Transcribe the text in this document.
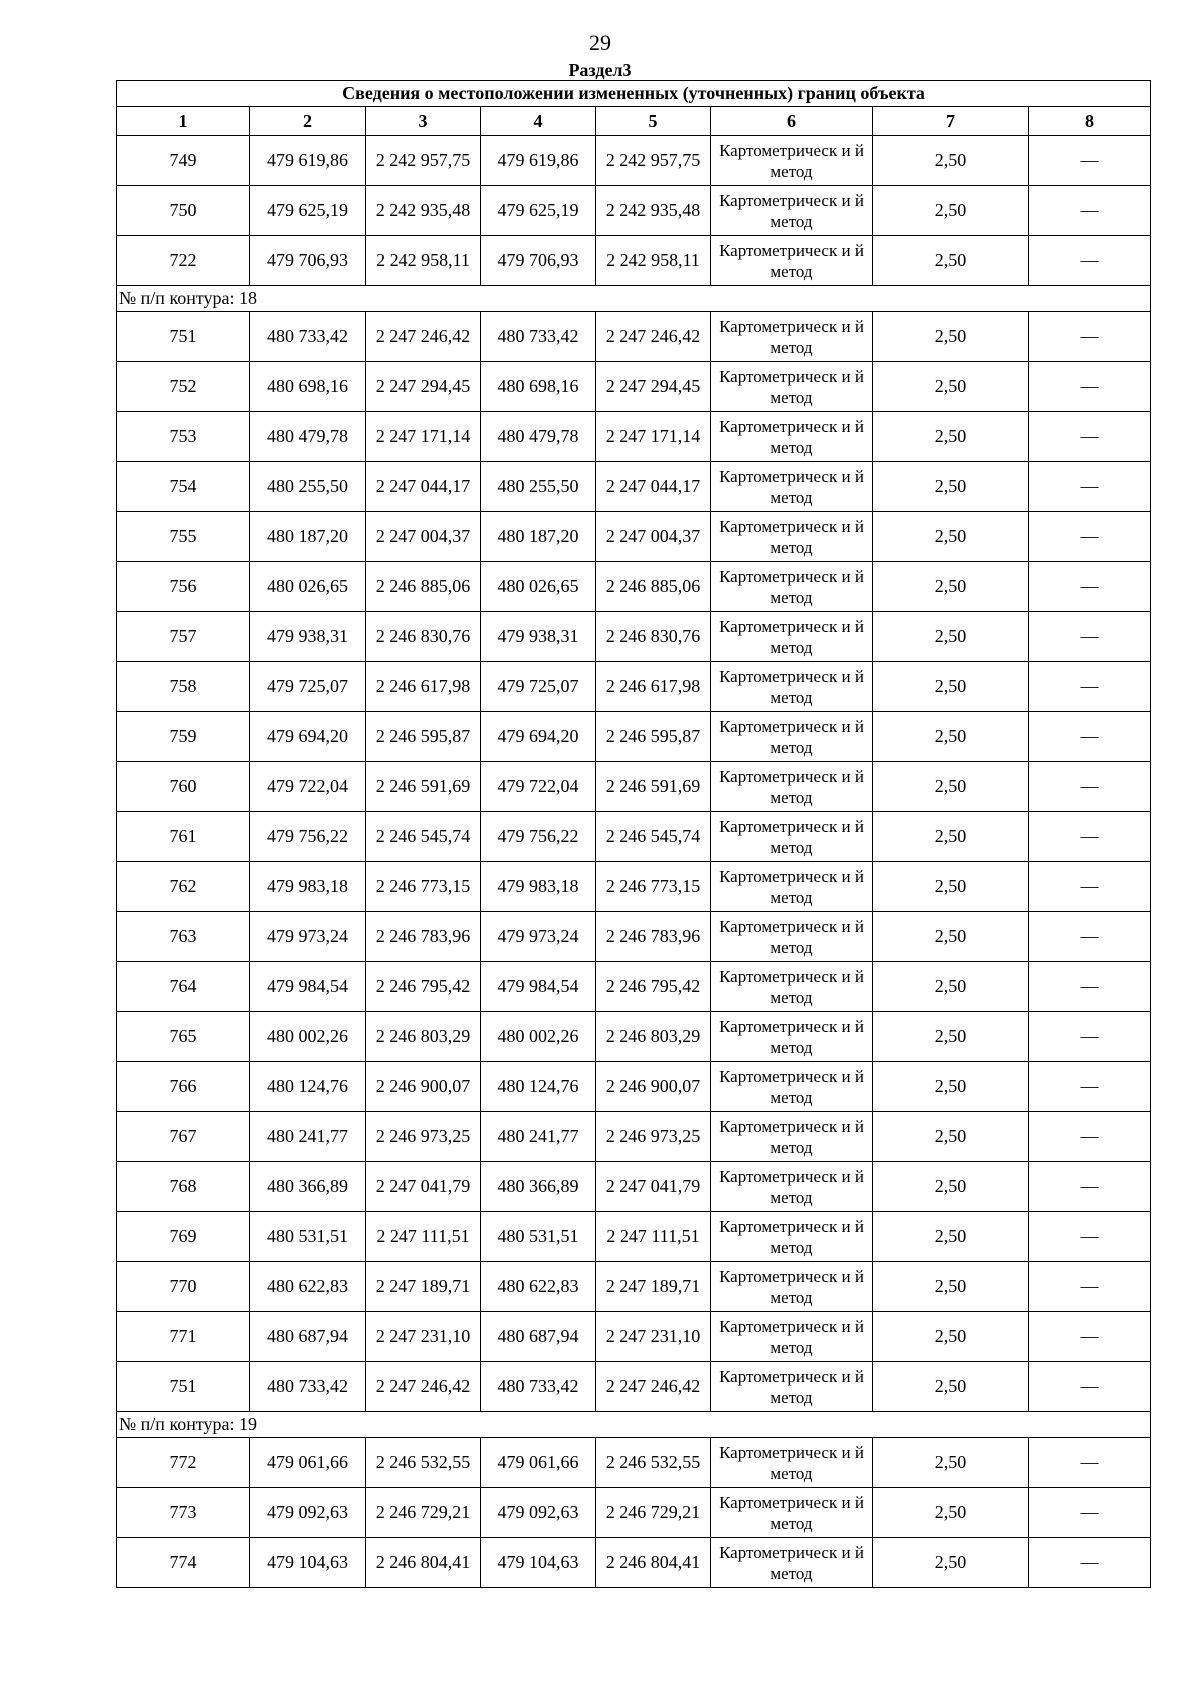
29
Раздел3
Сведения о местоположении измененных (уточненных) границ объекта							
1	2	3	4	5	6	7	8
749	479 619,86	2 242 957,75	479 619,86	2 242 957,75	Картометрическ и й метод	2,50	—
750	479 625,19	2 242 935,48	479 625,19	2 242 935,48	Картометрическ и й метод	2,50	—
722	479 706,93	2 242 958,11	479 706,93	2 242 958,11	Картометрическ и й метод	2,50	—
№ п/п контура: 18							
751	480 733,42	2 247 246,42	480 733,42	2 247 246,42	Картометрическ и й метод	2,50	—
752	480 698,16	2 247 294,45	480 698,16	2 247 294,45	Картометрическ и й метод	2,50	—
753	480 479,78	2 247 171,14	480 479,78	2 247 171,14	Картометрическ и й метод	2,50	—
754	480 255,50	2 247 044,17	480 255,50	2 247 044,17	Картометрическ и й метод	2,50	—
755	480 187,20	2 247 004,37	480 187,20	2 247 004,37	Картометрическ и й метод	2,50	—
756	480 026,65	2 246 885,06	480 026,65	2 246 885,06	Картометрическ и й метод	2,50	—
757	479 938,31	2 246 830,76	479 938,31	2 246 830,76	Картометрическ и й метод	2,50	—
758	479 725,07	2 246 617,98	479 725,07	2 246 617,98	Картометрическ и й метод	2,50	—
759	479 694,20	2 246 595,87	479 694,20	2 246 595,87	Картометрическ и й метод	2,50	—
760	479 722,04	2 246 591,69	479 722,04	2 246 591,69	Картометрическ и й метод	2,50	—
761	479 756,22	2 246 545,74	479 756,22	2 246 545,74	Картометрическ и й метод	2,50	—
762	479 983,18	2 246 773,15	479 983,18	2 246 773,15	Картометрическ и й метод	2,50	—
763	479 973,24	2 246 783,96	479 973,24	2 246 783,96	Картометрическ и й метод	2,50	—
764	479 984,54	2 246 795,42	479 984,54	2 246 795,42	Картометрическ и й метод	2,50	—
765	480 002,26	2 246 803,29	480 002,26	2 246 803,29	Картометрическ и й метод	2,50	—
766	480 124,76	2 246 900,07	480 124,76	2 246 900,07	Картометрическ и й метод	2,50	—
767	480 241,77	2 246 973,25	480 241,77	2 246 973,25	Картометрическ и й метод	2,50	—
768	480 366,89	2 247 041,79	480 366,89	2 247 041,79	Картометрическ и й метод	2,50	—
769	480 531,51	2 247 111,51	480 531,51	2 247 111,51	Картометрическ и й метод	2,50	—
770	480 622,83	2 247 189,71	480 622,83	2 247 189,71	Картометрическ и й метод	2,50	—
771	480 687,94	2 247 231,10	480 687,94	2 247 231,10	Картометрическ и й метод	2,50	—
751	480 733,42	2 247 246,42	480 733,42	2 247 246,42	Картометрическ и й метод	2,50	—
№ п/п контура: 19							
772	479 061,66	2 246 532,55	479 061,66	2 246 532,55	Картометрическ и й метод	2,50	—
773	479 092,63	2 246 729,21	479 092,63	2 246 729,21	Картометрическ и й метод	2,50	—
774	479 104,63	2 246 804,41	479 104,63	2 246 804,41	Картометрическ и й метод	2,50	—
